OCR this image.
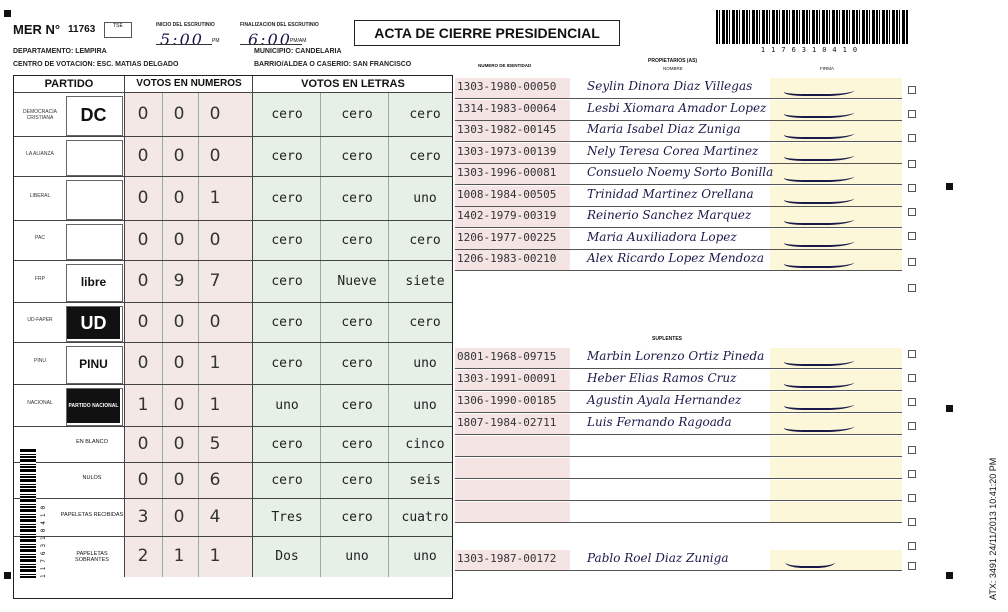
MER N° 11763	TSE	INICIO DEL ESCRUTINIO
5:00 PM
FINALIZACION DEL ESCRUTINIO
6:00
PM/AM	ACTA DE CIERRE PRESIDENCIAL
1176310410
DEPARTAMENTO: LEMPIRA	MUNICIPIO: CANDELARIA
CENTRO DE VOTACION: ESC. MATIAS DELGADO	BARRIO/ALDEA O CASERIO: SAN FRANCISCO
PARTIDO	VOTOS EN NUMEROS	VOTOS EN LETRAS
DEMOCRACIA CRISTIANA	DC	0	0	0	cero	cero	cero
LA ALIANZA	0	0	0	cero	cero	cero
LIBERAL	0	0	1	cero	cero	uno
PAC	0	0	0	cero	cero	cero
FRP	libre	0	9	7	cero	Nueve	siete
UD-FAPER	UD	0	0	0	cero	cero	cero
PINU	PINU	0	0	1	cero	cero	uno
NACIONAL	PARTIDO NACIONAL	1	0	1	uno	cero	uno
EN BLANCO	0	0	5	cero	cero	cinco
NULOS	0	0	6	cero	cero	seis
PAPELETAS RECIBIDAS 3	0	4	Tres	cero	cuatro
PAPELETAS SOBRANTES	2	1	1	Dos	uno	uno
1176310410
NUMERO DE IDENTIDAD
PROPIETARIOS (AS)
NOMBRE	FIRMA
1303-1980-00050	Seylin Dinora Diaz Villegas
1314-1983-00064	Lesbi Xiomara Amador Lopez
1303-1982-00145	Maria Isabel Diaz Zuniga
1303-1973-00139	Nely Teresa Corea Martinez
1303-1996-00081	Consuelo Noemy Sorto Bonilla
1008-1984-00505	Trinidad Martinez Orellana
1402-1979-00319	Reinerio Sanchez Marquez
1206-1977-00225	Maria Auxiliadora Lopez
1206-1983-00210	Alex Ricardo Lopez Mendoza
SUPLENTES
0801-1968-09715	Marbin Lorenzo Ortiz Pineda
1303-1991-00091	Heber Elias Ramos Cruz
1306-1990-00185	Agustin Ayala Hernandez
1807-1984-02711	Luis Fernando Ragoada
1303-1987-00172	Pablo Roel Diaz Zuniga	ATX: 3491 24/11/2013 10:41:20 PM
